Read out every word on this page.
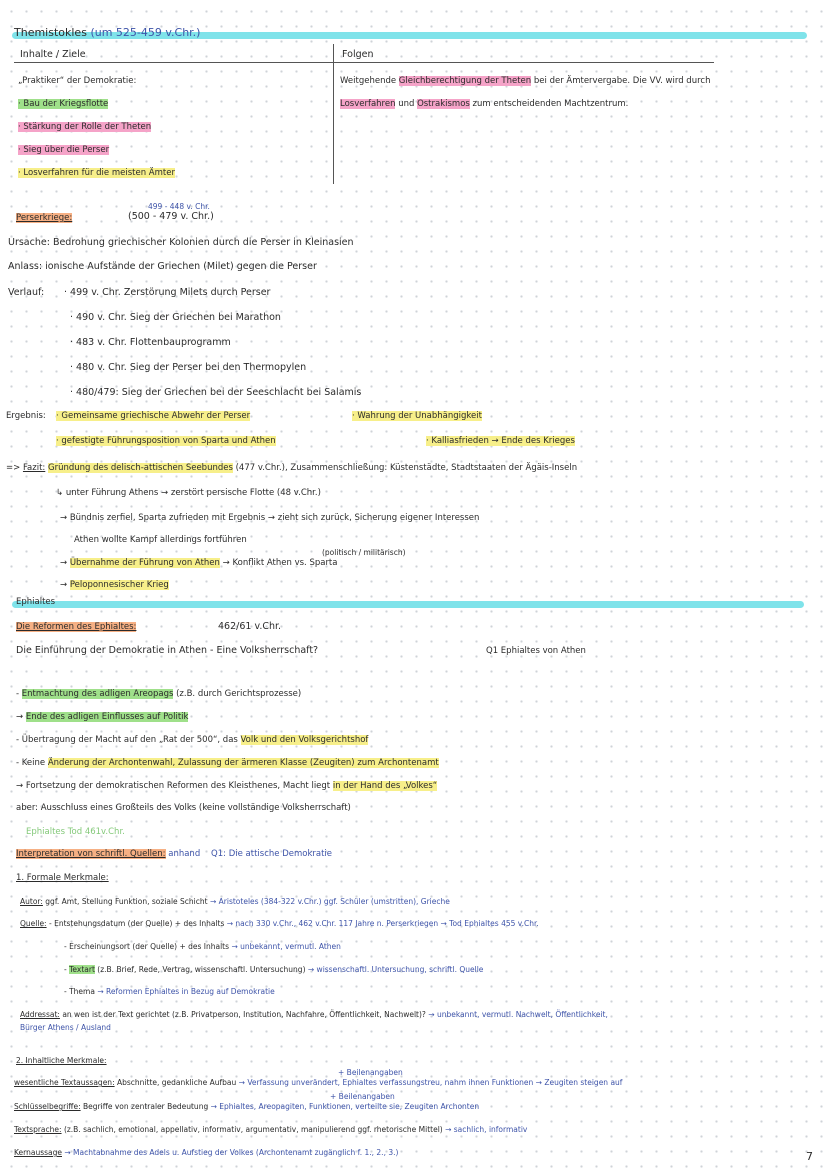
Themistokles (um 525-459 v.Chr.)
Inhalte / Ziele	Folgen
„Praktiker“ der Demokratie:
· Bau der Kriegsflotte
· Stärkung der Rolle der Theten
· Sieg über die Perser
· Losverfahren für die meisten Ämter
Weitgehende Gleichberechtigung der Theten bei der Ämtervergabe. Die VV. wird durch
Losverfahren und Ostrakismos zum entscheidenden Machtzentrum.
499 - 448 v. Chr.
Perserkriege:	(500 - 479 v. Chr.)
Ursache: Bedrohung griechischer Kolonien durch die Perser in Kleinasien
Anlass: ionische Aufstände der Griechen (Milet) gegen die Perser
Verlauf: · 499 v. Chr. Zerstörung Milets durch Perser
· 490 v. Chr. Sieg der Griechen bei Marathon
· 483 v. Chr. Flottenbauprogramm
· 480 v. Chr. Sieg der Perser bei den Thermopylen
· 480/479: Sieg der Griechen bei der Seeschlacht bei Salamis
Ergebnis: · Gemeinsame griechische Abwehr der Perser	· Wahrung der Unabhängigkeit
· gefestigte Führungsposition von Sparta und Athen	· Kalliasfrieden → Ende des Krieges
=> Fazit: Gründung des delisch-attischen Seebundes (477 v.Chr.), Zusammenschließung: Küstenstädte, Stadtstaaten der Ägäis-Inseln
↳ unter Führung Athens → zerstört persische Flotte (48 v.Chr.)
→ Bündnis zerfiel, Sparta zufrieden mit Ergebnis → zieht sich zurück, Sicherung eigener Interessen
Athen wollte Kampf allerdings fortführen
(politisch / militärisch)
→ Übernahme der Führung von Athen → Konflikt Athen vs. Sparta
→ Peloponnesischer Krieg
Ephialtes
Die Reformen des Ephialtes:	462/61 v.Chr.
Die Einführung der Demokratie in Athen - Eine Volksherrschaft?	Q1 Ephialtes von Athen
- Entmachtung des adligen Areopags (z.B. durch Gerichtsprozesse)
→ Ende des adligen Einflusses auf Politik
- Übertragung der Macht auf den „Rat der 500“, das Volk und den Volksgerichtshof
- Keine Änderung der Archontenwahl, Zulassung der ärmeren Klasse (Zeugiten) zum Archontenamt
→ Fortsetzung der demokratischen Reformen des Kleisthenes, Macht liegt in der Hand des „Volkes“
aber: Ausschluss eines Großteils des Volks (keine vollständige Volksherrschaft)
Ephialtes Tod 461v.Chr.
Interpretation von schriftl. Quellen: anhand Q1: Die attische Demokratie
1. Formale Merkmale:
Autor: ggf. Amt, Stellung Funktion, soziale Schicht → Aristoteles (384-322 v.Chr.) ggf. Schüler (umstritten), Grieche
Quelle: - Entstehungsdatum (der Quelle) + des Inhalts → nach 330 v.Chr., 462 v.Chr. 117 Jahre n. Perserkriegen → Tod Ephialtes 455 v.Chr.
- Erscheinungsort (der Quelle) + des Inhalts → unbekannt, vermutl. Athen
- Textart (z.B. Brief, Rede, Vertrag, wissenschaftl. Untersuchung) → wissenschaftl. Untersuchung, schriftl. Quelle
- Thema → Reformen Ephialtes in Bezug auf Demokratie
Addressat: an wen ist der Text gerichtet (z.B. Privatperson, Institution, Nachfahre, Öffentlichkeit, Nachwelt)? → unbekannt, vermutl. Nachwelt, Öffentlichkeit, Bürger Athens / Ausland
2. Inhaltliche Merkmale:
+ Beilenangaben
wesentliche Textaussagen: Abschnitte, gedankliche Aufbau → Verfassung unverändert, Ephialtes verfassungstreu, nahm ihnen Funktionen → Zeugiten steigen auf
+ Beilenangaben
Schlüsselbegriffe: Begriffe von zentraler Bedeutung → Ephialtes, Areopagiten, Funktionen, verteilte sie, Zeugiten Archonten
Textsprache: (z.B. sachlich, emotional, appellativ, informativ, argumentativ, manipulierend ggf. rhetorische Mittel) → sachlich, informativ
Kernaussage → Machtabnahme des Adels u. Aufstieg der Volkes (Archontenamt zugänglich f. 1., 2., 3.)	7
